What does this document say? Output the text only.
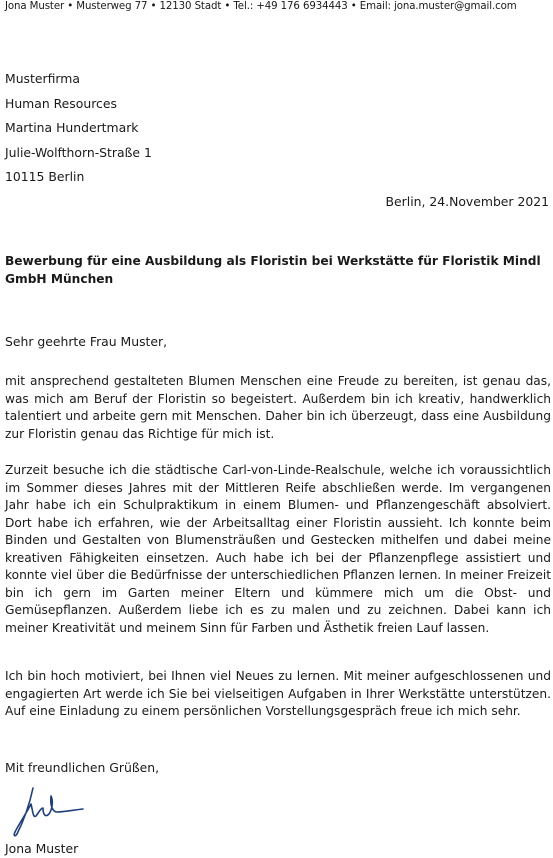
Jona Muster • Musterweg 77 • 12130 Stadt • Tel.: +49 176 6934443 • Email: jona.muster@gmail.com
Musterfirma
Human Resources
Martina Hundertmark
Julie-Wolfthorn-Straße 1
10115 Berlin
Berlin, 24.November 2021
Bewerbung für eine Ausbildung als Floristin bei Werkstätte für Floristik Mindl GmbH München
Sehr geehrte Frau Muster,
mit ansprechend gestalteten Blumen Menschen eine Freude zu bereiten, ist genau das, was mich am Beruf der Floristin so begeistert. Außerdem bin ich kreativ, handwerklich talentiert und arbeite gern mit Menschen. Daher bin ich überzeugt, dass eine Ausbildung zur Floristin genau das Richtige für mich ist.
Zurzeit besuche ich die städtische Carl-von-Linde-Realschule, welche ich voraussichtlich im Sommer dieses Jahres mit der Mittleren Reife abschließen werde. Im vergangenen Jahr habe ich ein Schulpraktikum in einem Blumen- und Pflanzengeschäft absolviert. Dort habe ich erfahren, wie der Arbeitsalltag einer Floristin aussieht. Ich konnte beim Binden und Gestalten von Blumensträußen und Gestecken mithelfen und dabei meine kreativen Fähigkeiten einsetzen. Auch habe ich bei der Pflanzenpflege assistiert und konnte viel über die Bedürfnisse der unterschiedlichen Pflanzen lernen. In meiner Freizeit bin ich gern im Garten meiner Eltern und kümmere mich um die Obst- und Gemüsepflanzen. Außerdem liebe ich es zu malen und zu zeichnen. Dabei kann ich meiner Kreativität und meinem Sinn für Farben und Ästhetik freien Lauf lassen.
Ich bin hoch motiviert, bei Ihnen viel Neues zu lernen. Mit meiner aufgeschlossenen und engagierten Art werde ich Sie bei vielseitigen Aufgaben in Ihrer Werkstätte unterstützen. Auf eine Einladung zu einem persönlichen Vorstellungsgespräch freue ich mich sehr.
Mit freundlichen Grüßen,
Jona Muster
